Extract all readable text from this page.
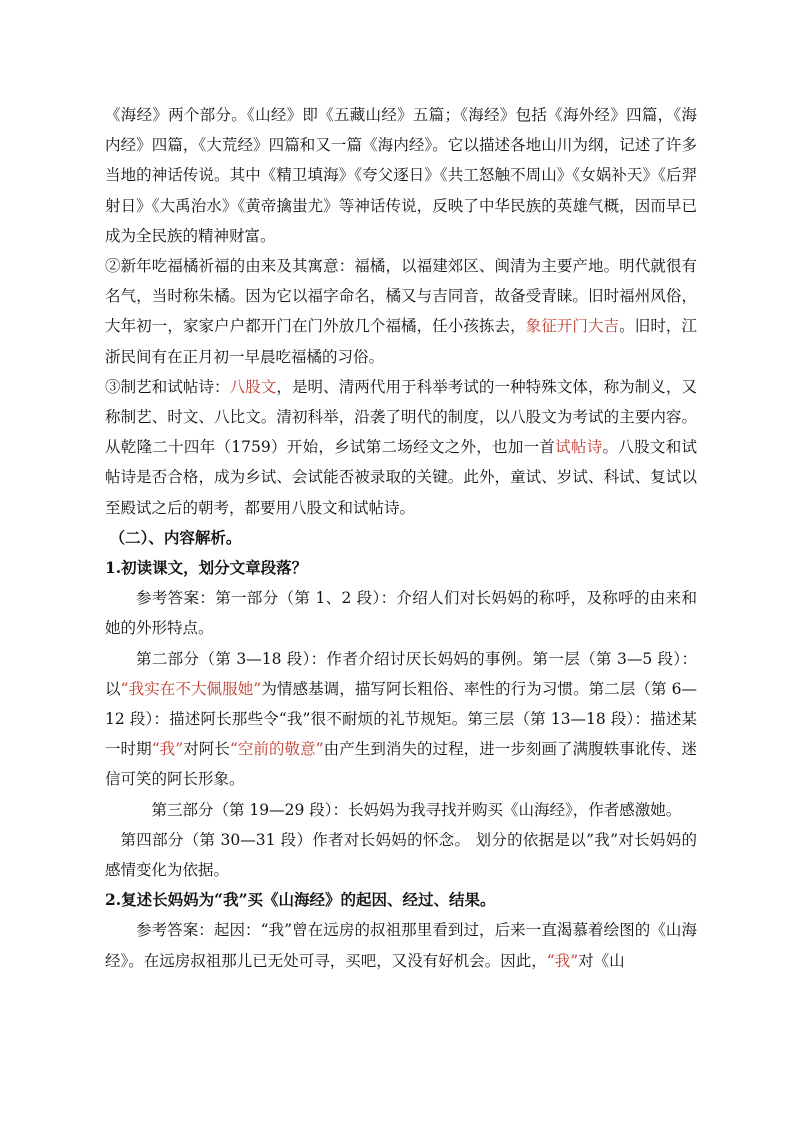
《海经》两个部分。《山经》即《五藏山经》五篇；《海经》包括《海外经》四篇，《海内经》四篇，《大荒经》四篇和又一篇《海内经》。它以描述各地山川为纲，记述了许多当地的神话传说。其中《精卫填海》《夸父逐日》《共工怒触不周山》《女娲补天》《后羿射日》《大禹治水》《黄帝擒蚩尤》等神话传说，反映了中华民族的英雄气概，因而早已成为全民族的精神财富。

②新年吃福橘祈福的由来及其寓意：福橘，以福建郊区、闽清为主要产地。明代就很有名气，当时称朱橘。因为它以福字命名，橘又与吉同音，故备受青睐。旧时福州风俗，大年初一，家家户户都开门在门外放几个福橘，任小孩拣去，象征开门大吉。旧时，江浙民间有在正月初一早晨吃福橘的习俗。

③制艺和试帖诗：八股文，是明、清两代用于科举考试的一种特殊文体，称为制义，又称制艺、时文、八比文。清初科举，沿袭了明代的制度，以八股文为考试的主要内容。从乾隆二十四年（1759）开始，乡试第二场经文之外，也加一首试帖诗。八股文和试帖诗是否合格，成为乡试、会试能否被录取的关键。此外，童试、岁试、科试、复试以至殿试之后的朝考，都要用八股文和试帖诗。

（二）、内容解析。

1.初读课文，划分文章段落？

参考答案：第一部分（第 1、2 段）：介绍人们对长妈妈的称呼，及称呼的由来和她的外形特点。

第二部分（第 3—18 段）：作者介绍讨厌长妈妈的事例。第一层（第 3—5 段）：以“我实在不大佩服她”为情感基调，描写阿长粗俗、率性的行为习惯。第二层（第 6—12 段）：描述阿长那些令“我”很不耐烦的礼节规矩。第三层（第 13—18 段）：描述某一时期“我”对阿长“空前的敬意”由产生到消失的过程，进一步刻画了满腹轶事讹传、迷信可笑的阿长形象。

第三部分（第 19—29 段）：长妈妈为我寻找并购买《山海经》，作者感激她。

第四部分（第 30—31 段）作者对长妈妈的怀念。 划分的依据是以”我”对长妈妈的感情变化为依据。

2.复述长妈妈为“我”买《山海经》的起因、经过、结果。

参考答案：起因：“我”曾在远房的叔祖那里看到过，后来一直渴慕着绘图的《山海经》。在远房叔祖那儿已无处可寻，买吧，又没有好机会。因此，“我”对《山
